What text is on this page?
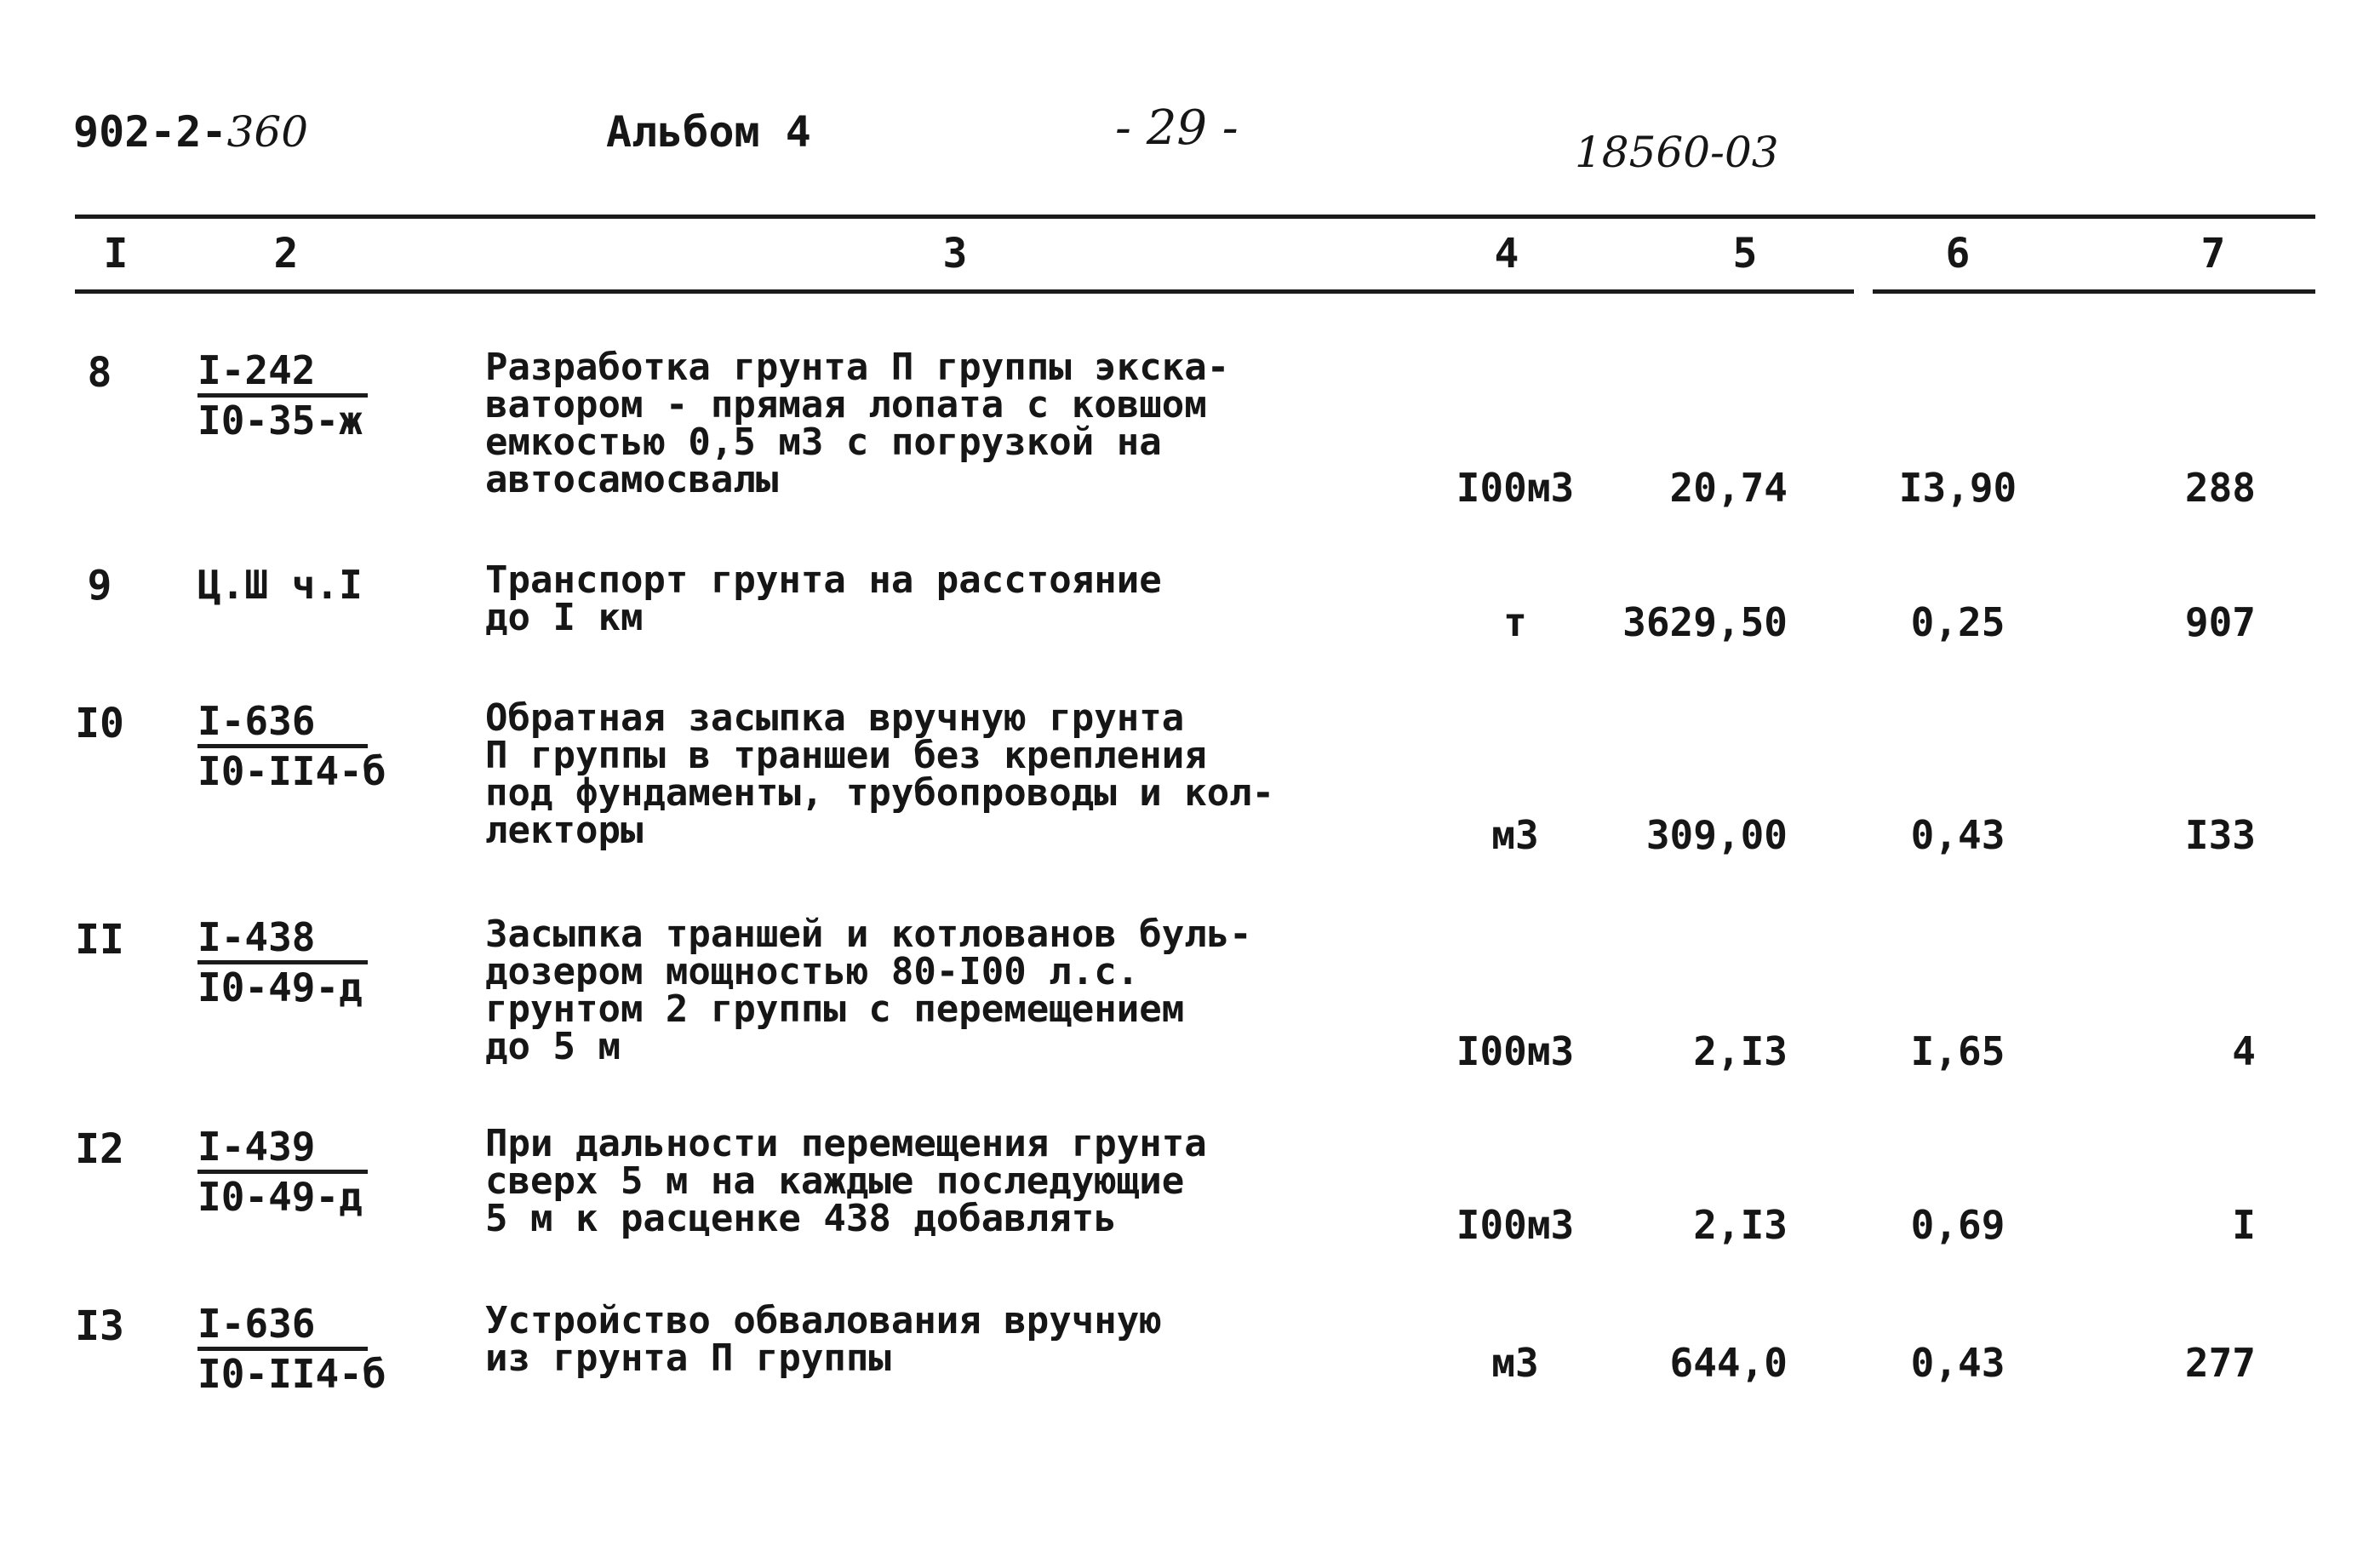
902-2-360	Альбом 4	- 29 -	18560-03
I	2	3	4	5	6	7
8	I-242
I0-35-ж
Разработка грунта П группы экска-
ватором - прямая лопата с ковшом
емкостью 0,5 м3 с погрузкой на
автосамосвалы	I00м3	20,74	I3,90	288
9	Ц.Ш ч.I	Транспорт грунта на расстояние
до I км	т	3629,50	0,25	907
I0	I-636
I0-II4-б
Обратная засыпка вручную грунта
П группы в траншеи без крепления
под фундаменты, трубопроводы и кол-
лекторы	м3	309,00	0,43	I33
II	I-438
I0-49-д
Засыпка траншей и котлованов буль-
дозером мощностью 80-I00 л.с.
грунтом 2 группы с перемещением
до 5 м	I00м3	2,I3	I,65	4
I2	I-439
I0-49-д
При дальности перемещения грунта
сверх 5 м на каждые последующие
5 м к расценке 438 добавлять	I00м3	2,I3	0,69	I
I3	I-636
I0-II4-б
Устройство обвалования вручную
из грунта П группы	м3	644,0	0,43	277
